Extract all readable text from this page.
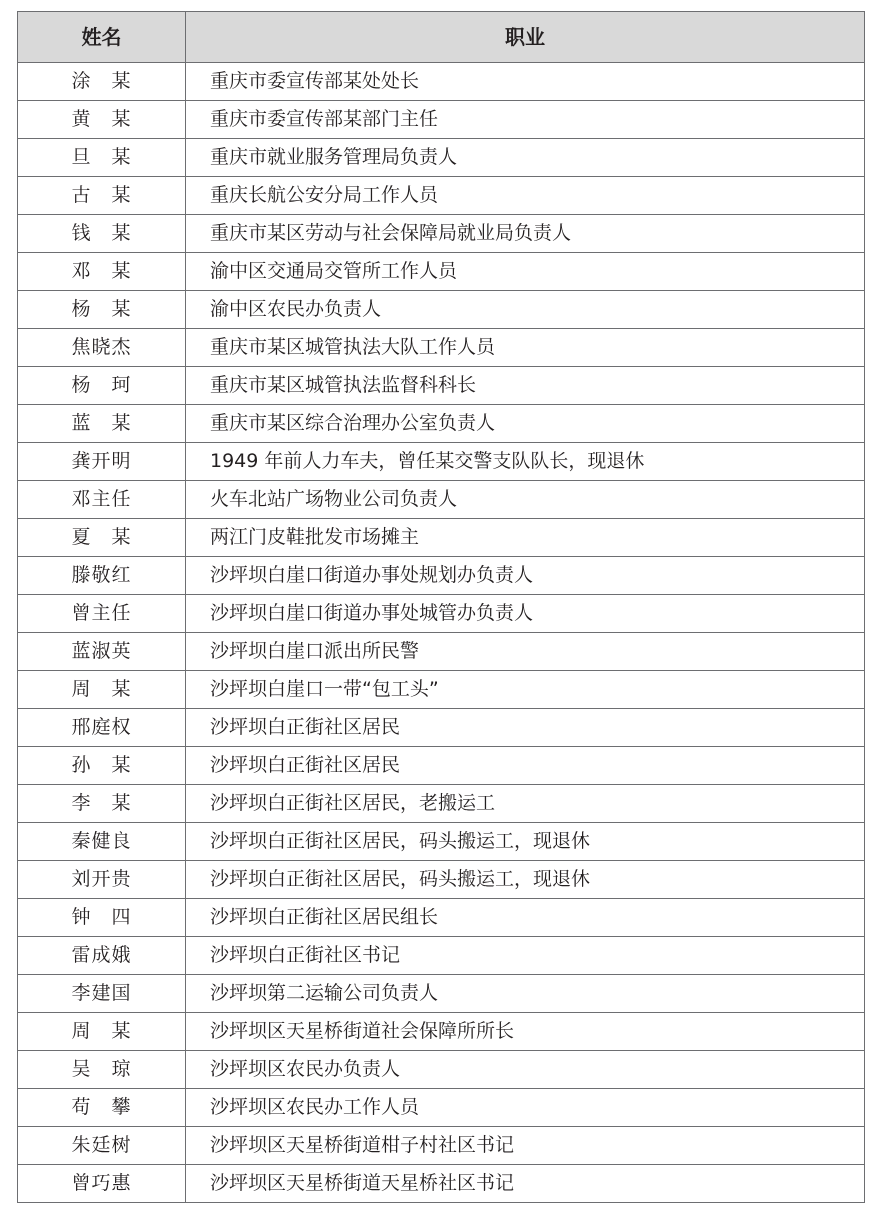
姓名	职业
涂　某	重庆市委宣传部某处处长
黄　某	重庆市委宣传部某部门主任
旦　某	重庆市就业服务管理局负责人
古　某	重庆长航公安分局工作人员
钱　某	重庆市某区劳动与社会保障局就业局负责人
邓　某	渝中区交通局交管所工作人员
杨　某	渝中区农民办负责人
焦晓杰	重庆市某区城管执法大队工作人员
杨　珂	重庆市某区城管执法监督科科长
蓝　某	重庆市某区综合治理办公室负责人
龚开明	1949 年前人力车夫，曾任某交警支队队长，现退休
邓主任	火车北站广场物业公司负责人
夏　某	两江门皮鞋批发市场摊主
滕敬红	沙坪坝白崖口街道办事处规划办负责人
曾主任	沙坪坝白崖口街道办事处城管办负责人
蓝淑英	沙坪坝白崖口派出所民警
周　某	沙坪坝白崖口一带“包工头”
邢庭权	沙坪坝白正街社区居民
孙　某	沙坪坝白正街社区居民
李　某	沙坪坝白正街社区居民，老搬运工
秦健良	沙坪坝白正街社区居民，码头搬运工，现退休
刘开贵	沙坪坝白正街社区居民，码头搬运工，现退休
钟　四	沙坪坝白正街社区居民组长
雷成娥	沙坪坝白正街社区书记
李建国	沙坪坝第二运输公司负责人
周　某	沙坪坝区天星桥街道社会保障所所长
吴　琼	沙坪坝区农民办负责人
苟　攀	沙坪坝区农民办工作人员
朱廷树	沙坪坝区天星桥街道柑子村社区书记
曾巧惠	沙坪坝区天星桥街道天星桥社区书记
